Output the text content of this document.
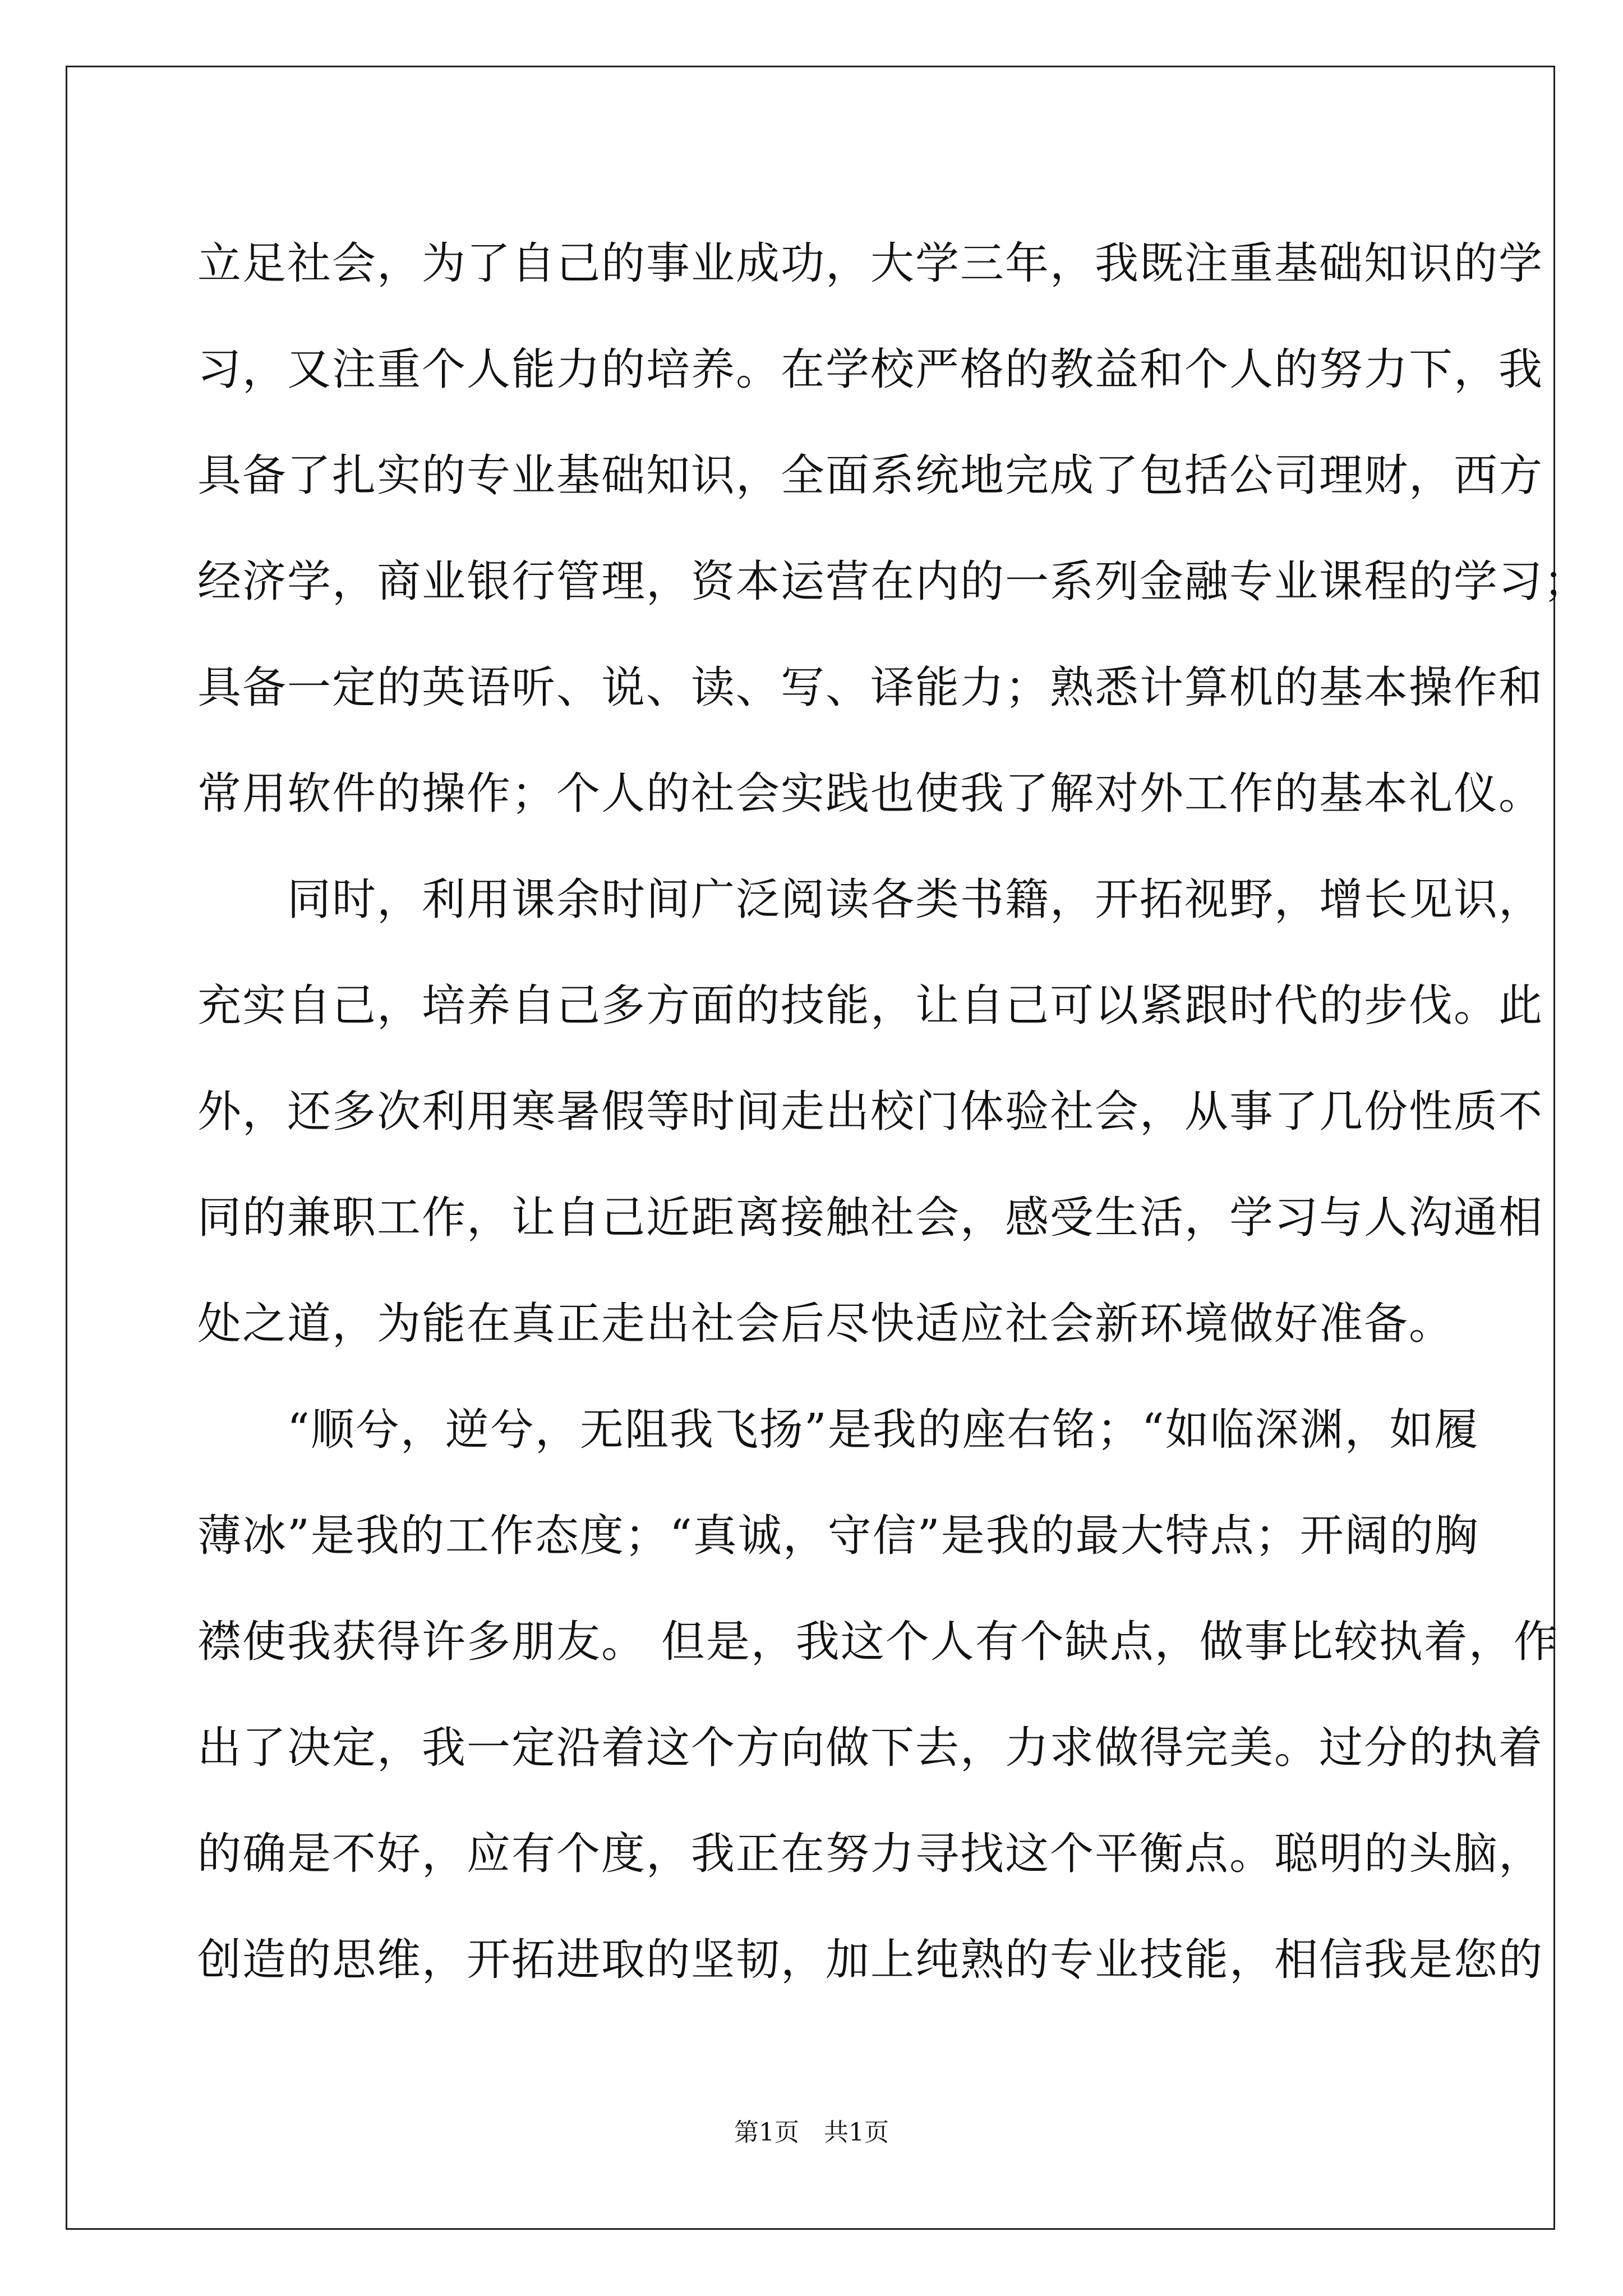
立足社会，为了自己的事业成功，大学三年，我既注重基础知识的学
习，又注重个人能力的培养。在学校严格的教益和个人的努力下，我
具备了扎实的专业基础知识，全面系统地完成了包括公司理财，西方
经济学，商业银行管理，资本运营在内的一系列金融专业课程的学习；
具备一定的英语听、说、读、写、译能力；熟悉计算机的基本操作和
常用软件的操作；个人的社会实践也使我了解对外工作的基本礼仪。
　　同时，利用课余时间广泛阅读各类书籍，开拓视野，增长见识，
充实自己，培养自己多方面的技能，让自己可以紧跟时代的步伐。此
外，还多次利用寒暑假等时间走出校门体验社会，从事了几份性质不
同的兼职工作，让自己近距离接触社会，感受生活，学习与人沟通相
处之道，为能在真正走出社会后尽快适应社会新环境做好准备。
　　“顺兮，逆兮，无阻我飞扬”是我的座右铭；“如临深渊，如履
薄冰”是我的工作态度；“真诚，守信”是我的最大特点；开阔的胸
襟使我获得许多朋友。 但是，我这个人有个缺点，做事比较执着，作
出了决定，我一定沿着这个方向做下去，力求做得完美。过分的执着
的确是不好，应有个度，我正在努力寻找这个平衡点。聪明的头脑，
创造的思维，开拓进取的坚韧，加上纯熟的专业技能，相信我是您的
第1页　共1页
